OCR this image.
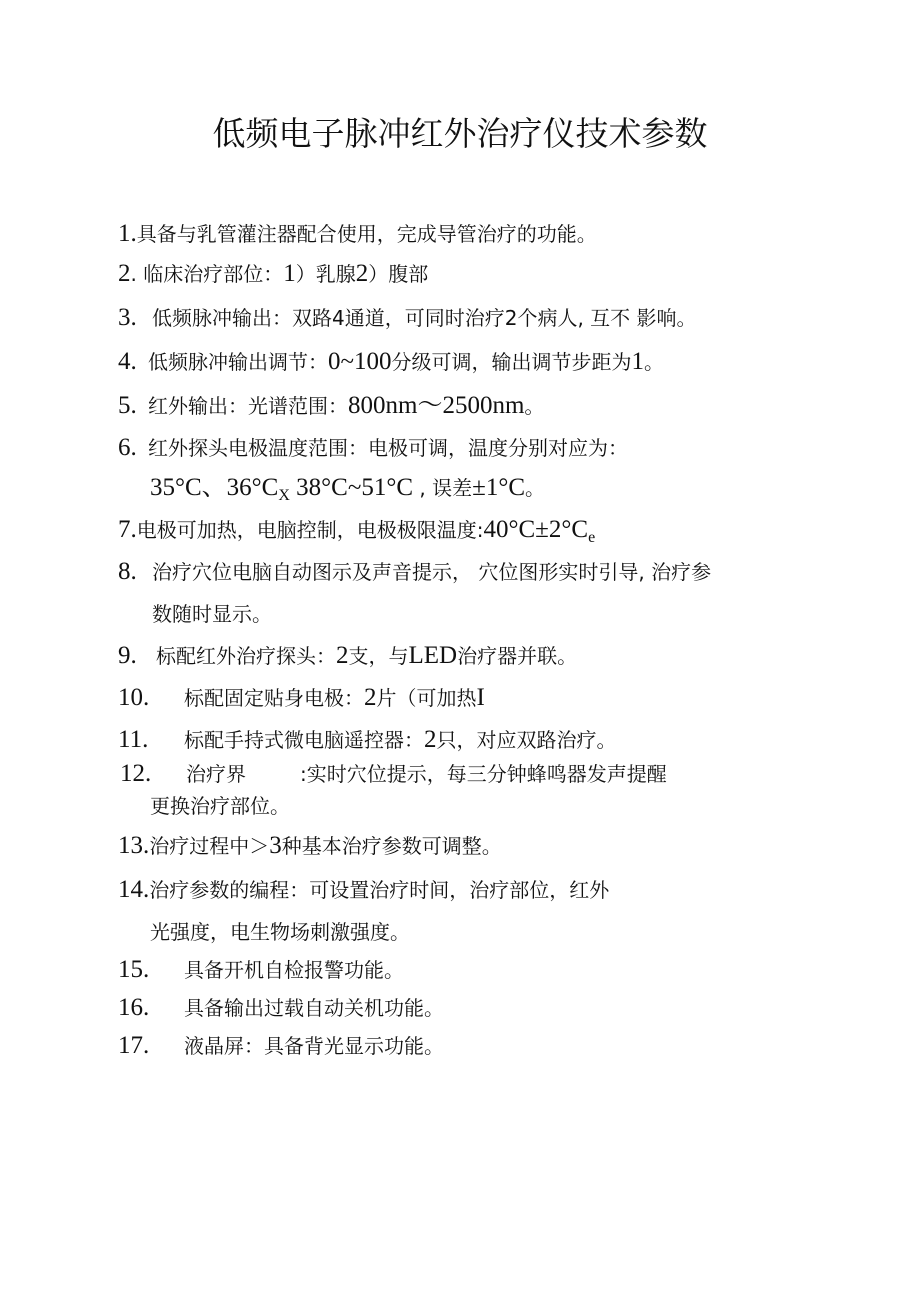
低频电子脉冲红外治疗仪技术参数
1.具备与乳管灌注器配合使用，完成导管治疗的功能。
2. 临床治疗部位：1）乳腺2）腹部
3. 低频脉冲输出：双路4通道，可同时治疗2个病人, 互不 影响。
4. 低频脉冲输出调节：0~100分级可调，输出调节步距为1。
5. 红外输出：光谱范围：800nm～2500nm。
6. 红外探头电极温度范围：电极可调，温度分别对应为：
35°C、$36^\circ C_X$ 38°C~51°C , 误差±1°C。
7.电极可加热，电脑控制，电极极限温度$:40^\circ C\pm 2^\circ C_e$
8. 治疗穴位电脑自动图示及声音提示， 穴位图形实时引导, 治疗参
数随时显示。
9. 标配红外治疗探头：2支，与LED治疗器并联。
10. 标配固定贴身电极：2片（可加热I
11. 标配手持式微电脑遥控器：2只，对应双路治疗。
12. 治疗界	:实时穴位提示，每三分钟蜂鸣器发声提醒
更换治疗部位。
13.治疗过程中＞3种基本治疗参数可调整。
14.治疗参数的编程：可设置治疗时间，治疗部位，红外
光强度，电生物场刺激强度。
15. 具备开机自检报警功能。
16. 具备输出过载自动关机功能。
17. 液晶屏：具备背光显示功能。
